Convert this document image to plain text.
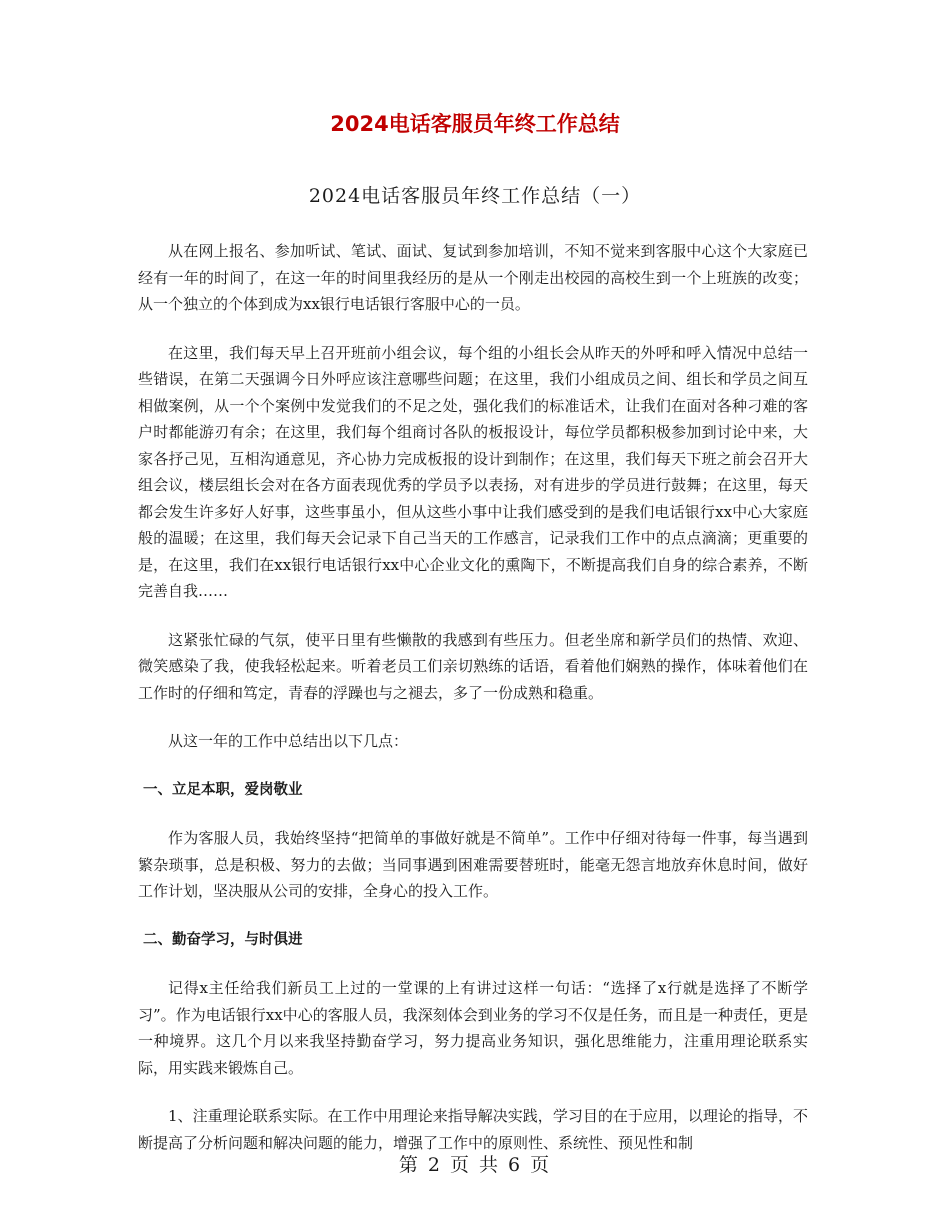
2024电话客服员年终工作总结
2024电话客服员年终工作总结（一）

从在网上报名、参加听试、笔试、面试、复试到参加培训，不知不觉来到客服中心这个大家庭已经有一年的时间了，在这一年的时间里我经历的是从一个刚走出校园的高校生到一个上班族的改变；从一个独立的个体到成为xx银行电话银行客服中心的一员。

在这里，我们每天早上召开班前小组会议，每个组的小组长会从昨天的外呼和呼入情况中总结一些错误，在第二天强调今日外呼应该注意哪些问题；在这里，我们小组成员之间、组长和学员之间互相做案例，从一个个案例中发觉我们的不足之处，强化我们的标准话术，让我们在面对各种刁难的客户时都能游刃有余；在这里，我们每个组商讨各队的板报设计，每位学员都积极参加到讨论中来，大家各抒己见，互相沟通意见，齐心协力完成板报的设计到制作；在这里，我们每天下班之前会召开大组会议，楼层组长会对在各方面表现优秀的学员予以表扬，对有进步的学员进行鼓舞；在这里，每天都会发生许多好人好事，这些事虽小，但从这些小事中让我们感受到的是我们电话银行xx中心大家庭般的温暖；在这里，我们每天会记录下自己当天的工作感言，记录我们工作中的点点滴滴；更重要的是，在这里，我们在xx银行电话银行xx中心企业文化的熏陶下，不断提高我们自身的综合素养，不断完善自我……

这紧张忙碌的气氛，使平日里有些懒散的我感到有些压力。但老坐席和新学员们的热情、欢迎、微笑感染了我，使我轻松起来。听着老员工们亲切熟练的话语，看着他们娴熟的操作，体味着他们在工作时的仔细和笃定，青春的浮躁也与之褪去，多了一份成熟和稳重。

从这一年的工作中总结出以下几点：

一、立足本职，爱岗敬业

作为客服人员，我始终坚持“把简单的事做好就是不简单”。工作中仔细对待每一件事，每当遇到繁杂琐事，总是积极、努力的去做；当同事遇到困难需要替班时，能毫无怨言地放弃休息时间，做好工作计划，坚决服从公司的安排，全身心的投入工作。

二、勤奋学习，与时俱进

记得x主任给我们新员工上过的一堂课的上有讲过这样一句话：“选择了x行就是选择了不断学习”。作为电话银行xx中心的客服人员，我深刻体会到业务的学习不仅是任务，而且是一种责任，更是一种境界。这几个月以来我坚持勤奋学习，努力提高业务知识，强化思维能力，注重用理论联系实际，用实践来锻炼自己。

1、注重理论联系实际。在工作中用理论来指导解决实践，学习目的在于应用，以理论的指导，不断提高了分析问题和解决问题的能力，增强了工作中的原则性、系统性、预见性和制

第 2 页 共 6 页
